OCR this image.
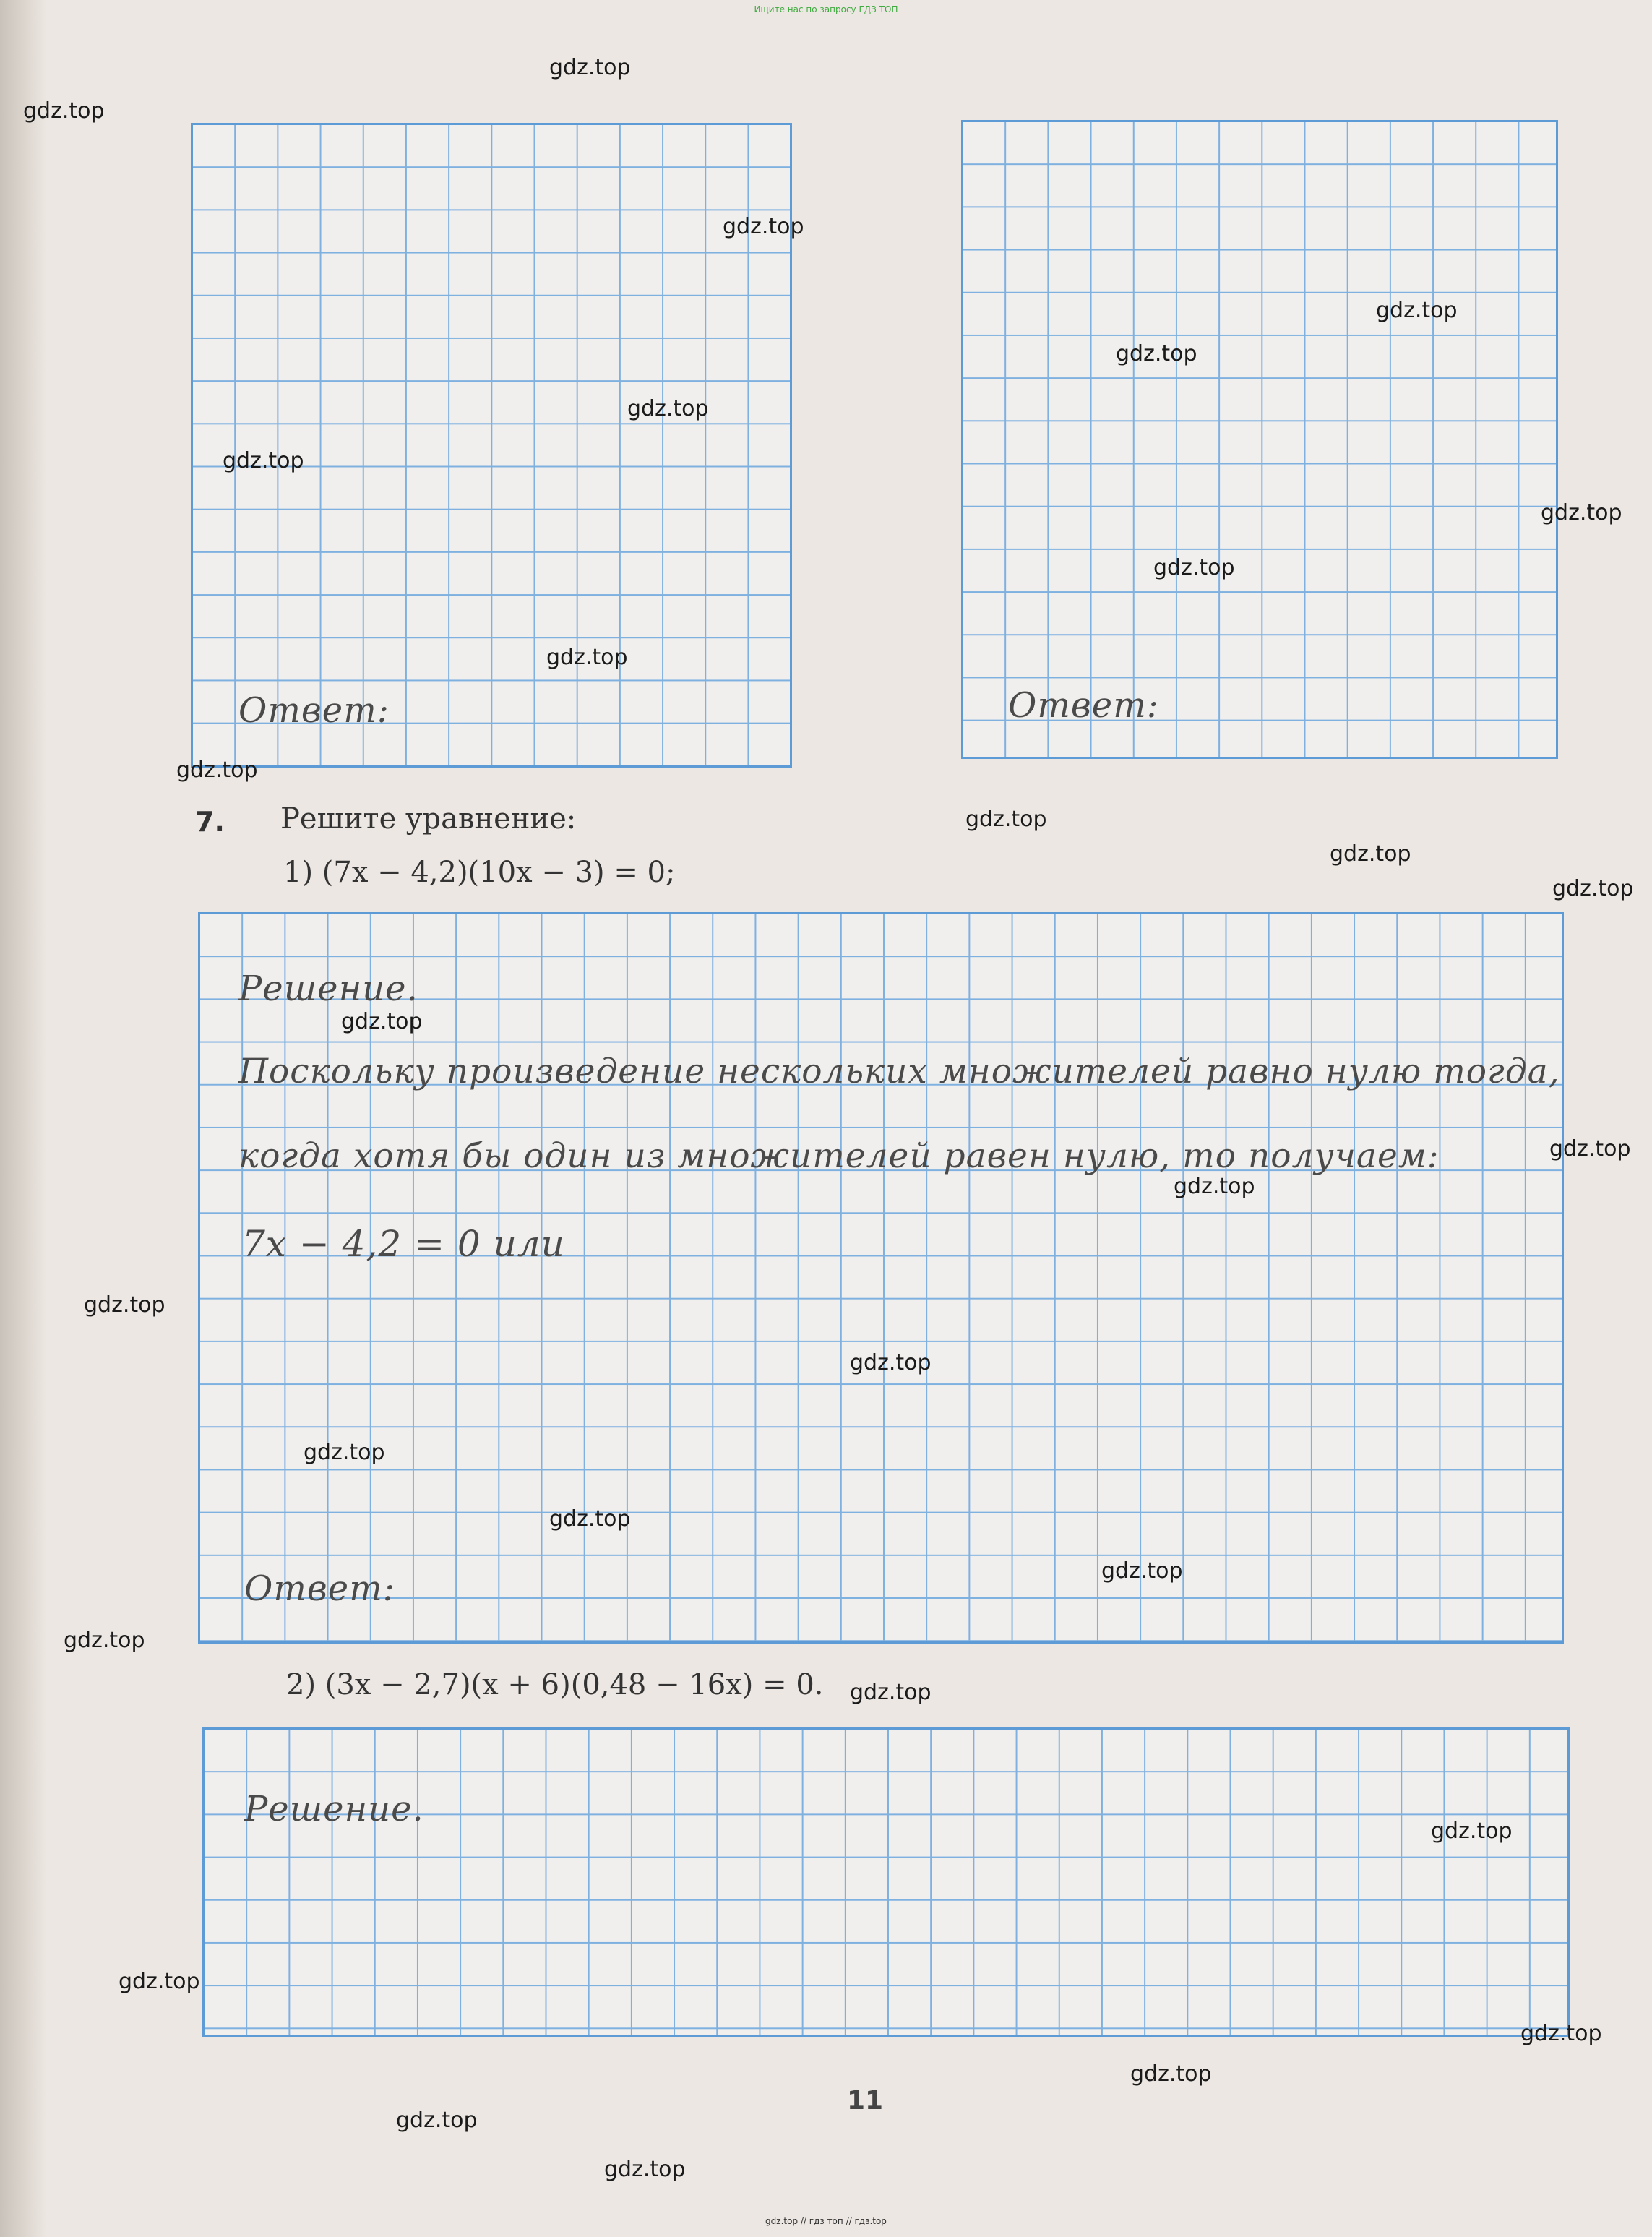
Ищите нас по запросу ГДЗ ТОП
Ответ:	Ответ:
7. Решите уравнение:
1) (7x − 4,2)(10x − 3) = 0;
Решение.
Поскольку произведение нескольких множителей равно нулю тогда,
когда хотя бы один из множителей равен нулю, то получаем:
7x − 4,2 = 0 или
Ответ:
2) (3x − 2,7)(x + 6)(0,48 − 16x) = 0.
Решение.
11
gdz.top
gdz.top
gdz.top
gdz.top
gdz.top
gdz.top
gdz.top
gdz.top
gdz.top
gdz.top
gdz.top
gdz.top
gdz.top
gdz.top
gdz.top
gdz.top
gdz.top
gdz.top
gdz.top
gdz.top
gdz.top
gdz.top
gdz.top
gdz.top
gdz.top
gdz.top
gdz.top
gdz.top
gdz.top
gdz.top
gdz.top // гдз топ // гдз.top
